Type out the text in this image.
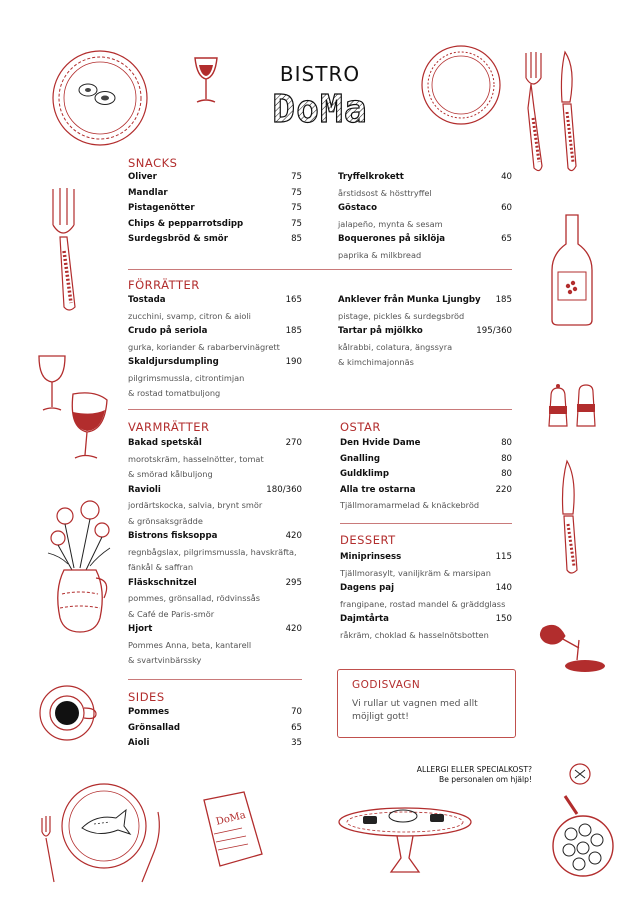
DoMa
BISTRO
DoMa
SNACKS
Oliver	75
Mandlar	75
Pistagenötter	75
Chips & pepparrotsdipp	75
Surdegsbröd & smör	85
Tryffelkrokett	40
årstidsost & hösttryffel
Göstaco	60
jalapeño, mynta & sesam
Boquerones på siklöja	65
paprika & milkbread
FÖRRÄTTER
Tostada	165
zucchini, svamp, citron & aioli
Crudo på seriola	185
gurka, koriander & rabarbervinägrett
Skaldjursdumpling	190
pilgrimsmussla, citrontimjan
& rostad tomatbuljong
Anklever från Munka Ljungby 185
pistage, pickles & surdegsbröd
Tartar på mjölkko	195/360
kålrabbi, colatura, ängssyra
& kimchimajonnäs
VARMRÄTTER
Bakad spetskål	270
morotskräm, hasselnötter, tomat
& smörad kålbuljong
Ravioli	180/360
jordärtskocka, salvia, brynt smör
& grönsaksgrädde
Bistrons fisksoppa	420
regnbågslax, pilgrimsmussla, havskräfta,
fänkål & saffran
Fläskschnitzel	295
pommes, grönsallad, rödvinssås
& Café de Paris-smör
Hjort	420
Pommes Anna, beta, kantarell
& svartvinbärssky
SIDES
Pommes	70
Grönsallad	65
Aioli	35
OSTAR
Den Hvide Dame	80
Gnalling	80
Guldklimp	80
Alla tre ostarna	220
Tjällmoramarmelad & knäckebröd
DESSERT
Miniprinsess	115
Tjällmorasylt, vaniljkräm & marsipan
Dagens paj	140
frangipane, rostad mandel & gräddglass
Dajmtårta	150
råkräm, choklad & hasselnötsbotten
GODISVAGN
Vi rullar ut vagnen med allt möjligt gott!
ALLERGI ELLER SPECIALKOST?
Be personalen om hjälp!
